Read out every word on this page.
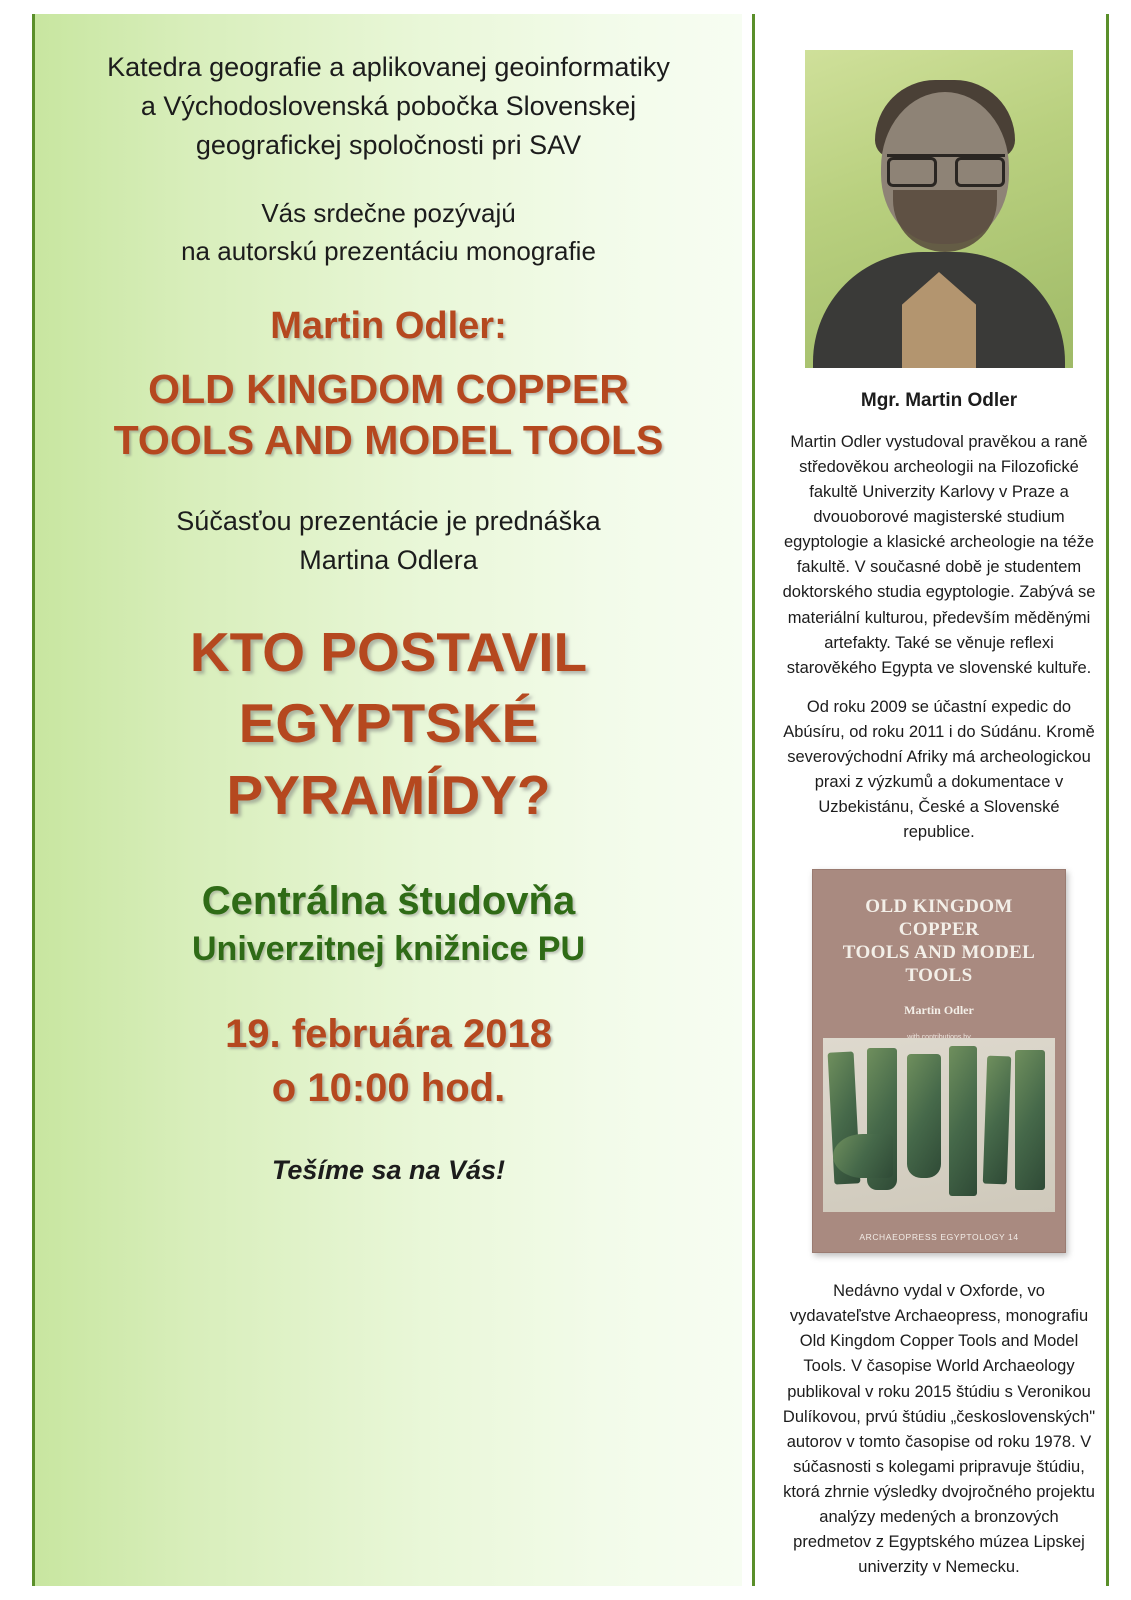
Katedra geografie a aplikovanej geoinformatiky
a Východoslovenská pobočka Slovenskej
geografickej spoločnosti pri SAV
Vás srdečne pozývajú
na autorskú prezentáciu monografie
Martin Odler:
OLD KINGDOM COPPER
TOOLS AND MODEL TOOLS
Súčasťou prezentácie je prednáška
Martina Odlera
KTO POSTAVIL
EGYPTSKÉ
PYRAMÍDY?
Centrálna študovňa
Univerzitnej knižnice PU
19. februára 2018
o 10:00 hod.
Tešíme sa na Vás!
Mgr. Martin Odler
Martin Odler vystudoval pravěkou a raně středověkou archeologii na Filozofické fakultě Univerzity Karlovy v Praze a dvouoborové magisterské studium egyptologie a klasické archeologie na téže fakultě. V současné době je studentem doktorského studia egyptologie. Zabývá se materiální kulturou, především měděnými artefakty. Také se věnuje reflexi starověkého Egypta ve slovenské kultuře.
Od roku 2009 se účastní expedic do Abúsíru, od roku 2011 i do Súdánu. Kromě severovýchodní Afriky má archeologickou praxi z výzkumů a dokumentace v Uzbekistánu, České a Slovenské republice.
OLD KINGDOM COPPER
TOOLS AND MODEL
TOOLS
Martin Odler
ARCHAEOPRESS EGYPTOLOGY 14
Nedávno vydal v Oxforde, vo vydavateľstve Archaeopress, monografiu Old Kingdom Copper Tools and Model Tools. V časopise World Archaeology publikoval v roku 2015 štúdiu s Veronikou Dulíkovou, prvú štúdiu „československých" autorov v tomto časopise od roku 1978. V súčasnosti s kolegami pripravuje štúdiu, ktorá zhrnie výsledky dvojročného projektu analýzy medených a bronzových predmetov z Egyptského múzea Lipskej univerzity v Nemecku.
